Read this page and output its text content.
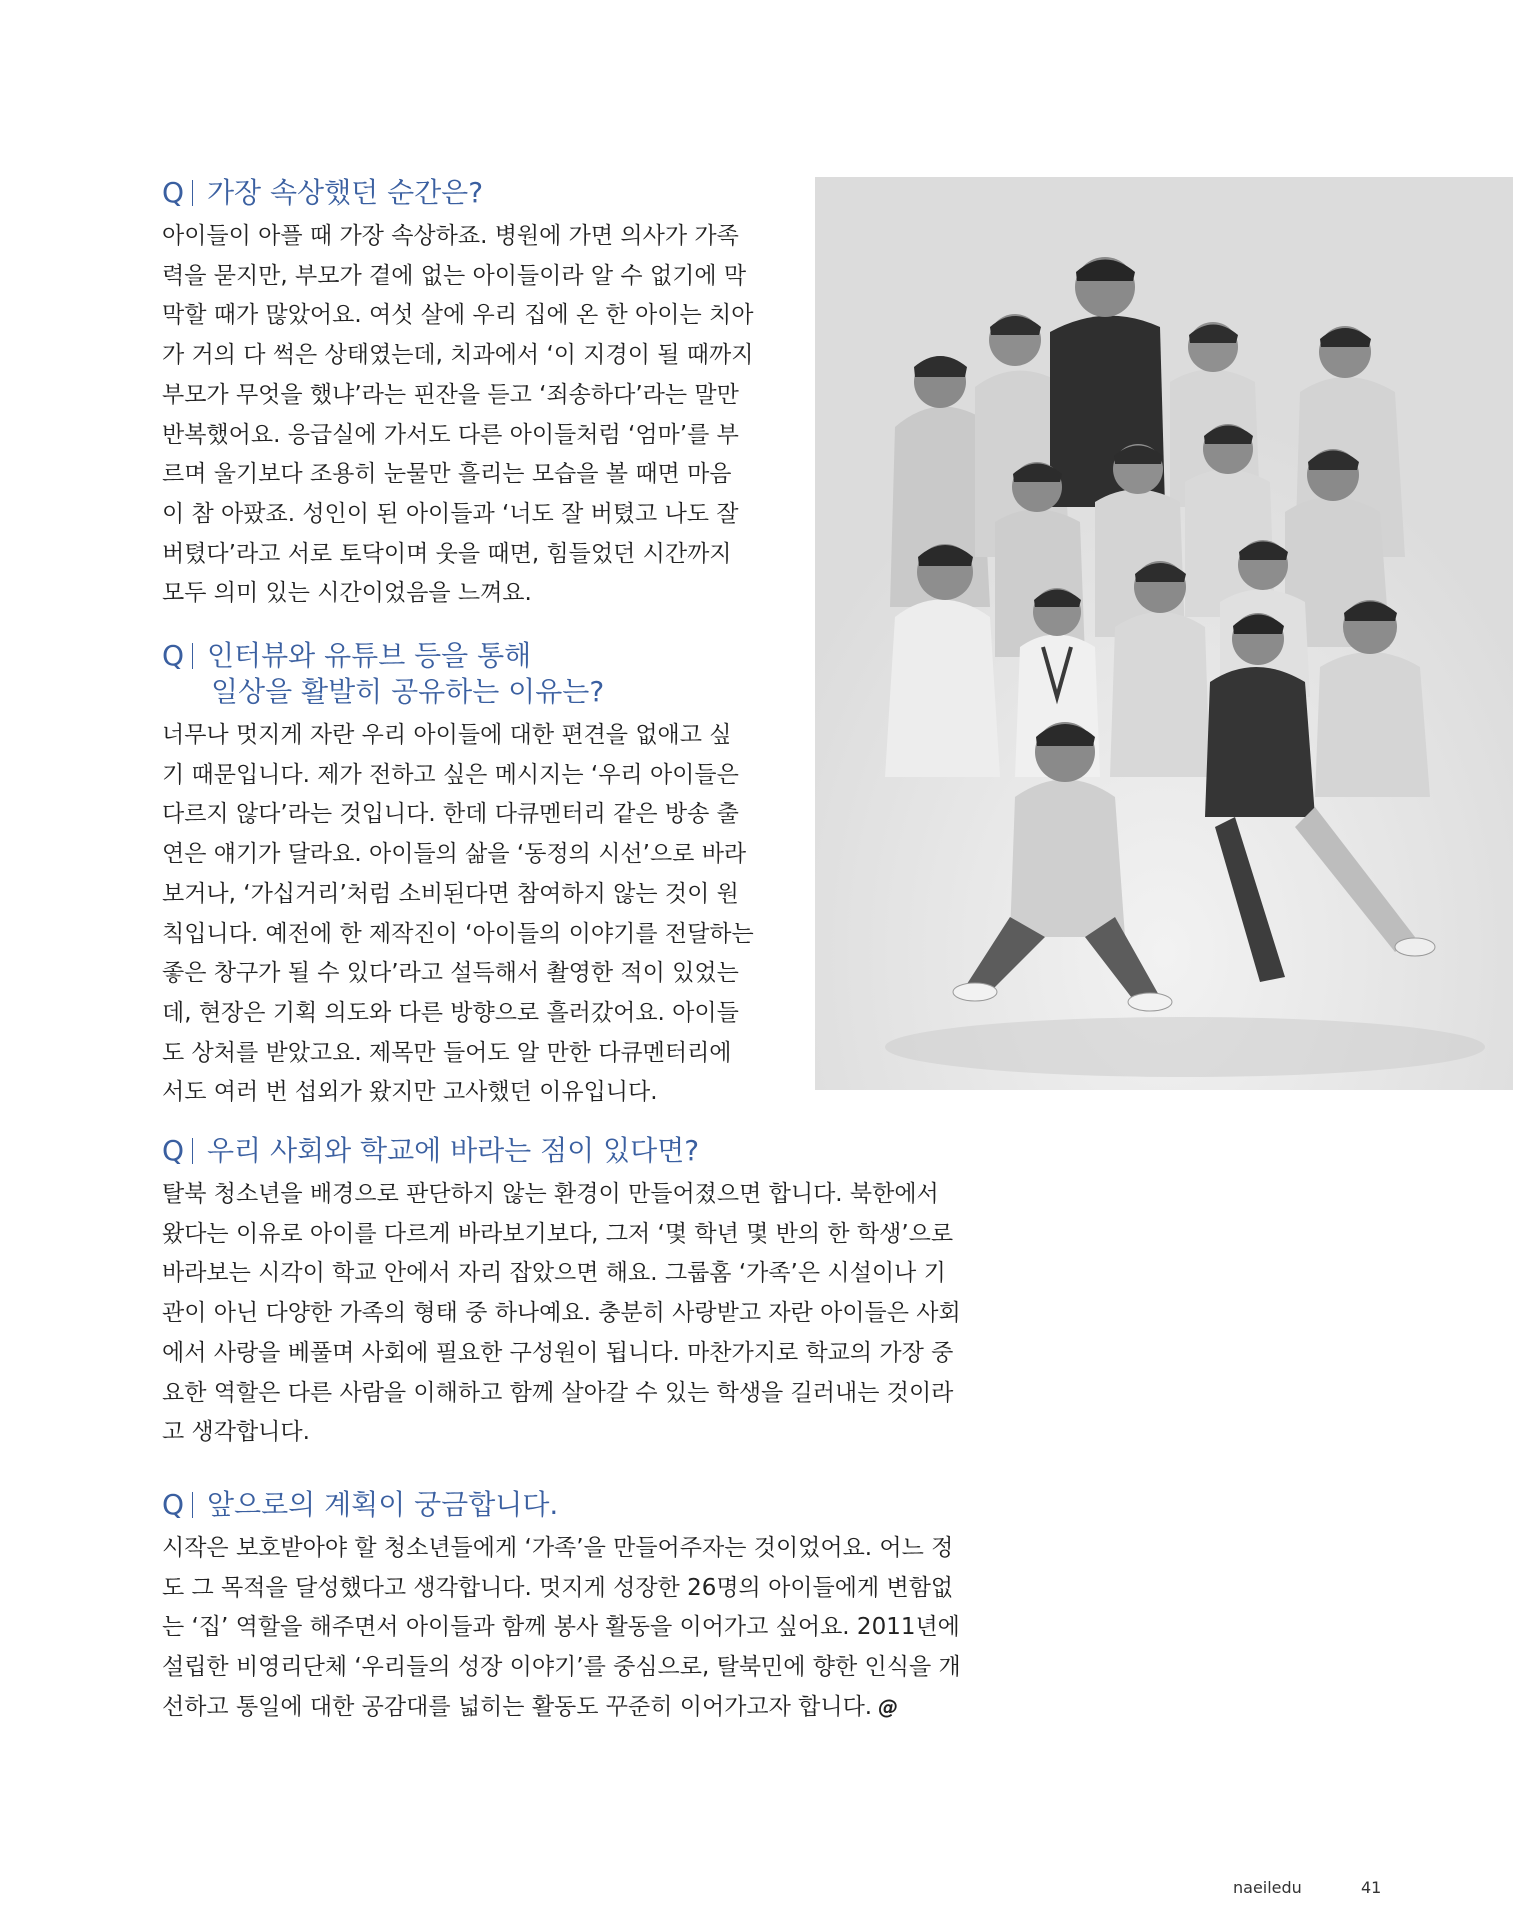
Q 가장 속상했던 순간은?
아이들이 아플 때 가장 속상하죠. 병원에 가면 의사가 가족
력을 묻지만, 부모가 곁에 없는 아이들이라 알 수 없기에 막
막할 때가 많았어요. 여섯 살에 우리 집에 온 한 아이는 치아
가 거의 다 썩은 상태였는데, 치과에서 ‘이 지경이 될 때까지
부모가 무엇을 했냐’라는 핀잔을 듣고 ‘죄송하다’라는 말만
반복했어요. 응급실에 가서도 다른 아이들처럼 ‘엄마’를 부
르며 울기보다 조용히 눈물만 흘리는 모습을 볼 때면 마음
이 참 아팠죠. 성인이 된 아이들과 ‘너도 잘 버텼고 나도 잘
버텼다’라고 서로 토닥이며 웃을 때면, 힘들었던 시간까지
모두 의미 있는 시간이었음을 느껴요.
Q 인터뷰와 유튜브 등을 통해
일상을 활발히 공유하는 이유는?
너무나 멋지게 자란 우리 아이들에 대한 편견을 없애고 싶
기 때문입니다. 제가 전하고 싶은 메시지는 ‘우리 아이들은
다르지 않다’라는 것입니다. 한데 다큐멘터리 같은 방송 출
연은 얘기가 달라요. 아이들의 삶을 ‘동정의 시선’으로 바라
보거나, ‘가십거리’처럼 소비된다면 참여하지 않는 것이 원
칙입니다. 예전에 한 제작진이 ‘아이들의 이야기를 전달하는
좋은 창구가 될 수 있다’라고 설득해서 촬영한 적이 있었는
데, 현장은 기획 의도와 다른 방향으로 흘러갔어요. 아이들
도 상처를 받았고요. 제목만 들어도 알 만한 다큐멘터리에
서도 여러 번 섭외가 왔지만 고사했던 이유입니다.
Q 우리 사회와 학교에 바라는 점이 있다면?
탈북 청소년을 배경으로 판단하지 않는 환경이 만들어졌으면 합니다. 북한에서
왔다는 이유로 아이를 다르게 바라보기보다, 그저 ‘몇 학년 몇 반의 한 학생’으로
바라보는 시각이 학교 안에서 자리 잡았으면 해요. 그룹홈 ‘가족’은 시설이나 기
관이 아닌 다양한 가족의 형태 중 하나예요. 충분히 사랑받고 자란 아이들은 사회
에서 사랑을 베풀며 사회에 필요한 구성원이 됩니다. 마찬가지로 학교의 가장 중
요한 역할은 다른 사람을 이해하고 함께 살아갈 수 있는 학생을 길러내는 것이라
고 생각합니다.
Q 앞으로의 계획이 궁금합니다.
시작은 보호받아야 할 청소년들에게 ‘가족’을 만들어주자는 것이었어요. 어느 정
도 그 목적을 달성했다고 생각합니다. 멋지게 성장한 26명의 아이들에게 변함없
는 ‘집’ 역할을 해주면서 아이들과 함께 봉사 활동을 이어가고 싶어요. 2011년에
설립한 비영리단체 ‘우리들의 성장 이야기’를 중심으로, 탈북민에 향한 인식을 개
선하고 통일에 대한 공감대를 넓히는 활동도 꾸준히 이어가고자 합니다. @
naeiledu	41
